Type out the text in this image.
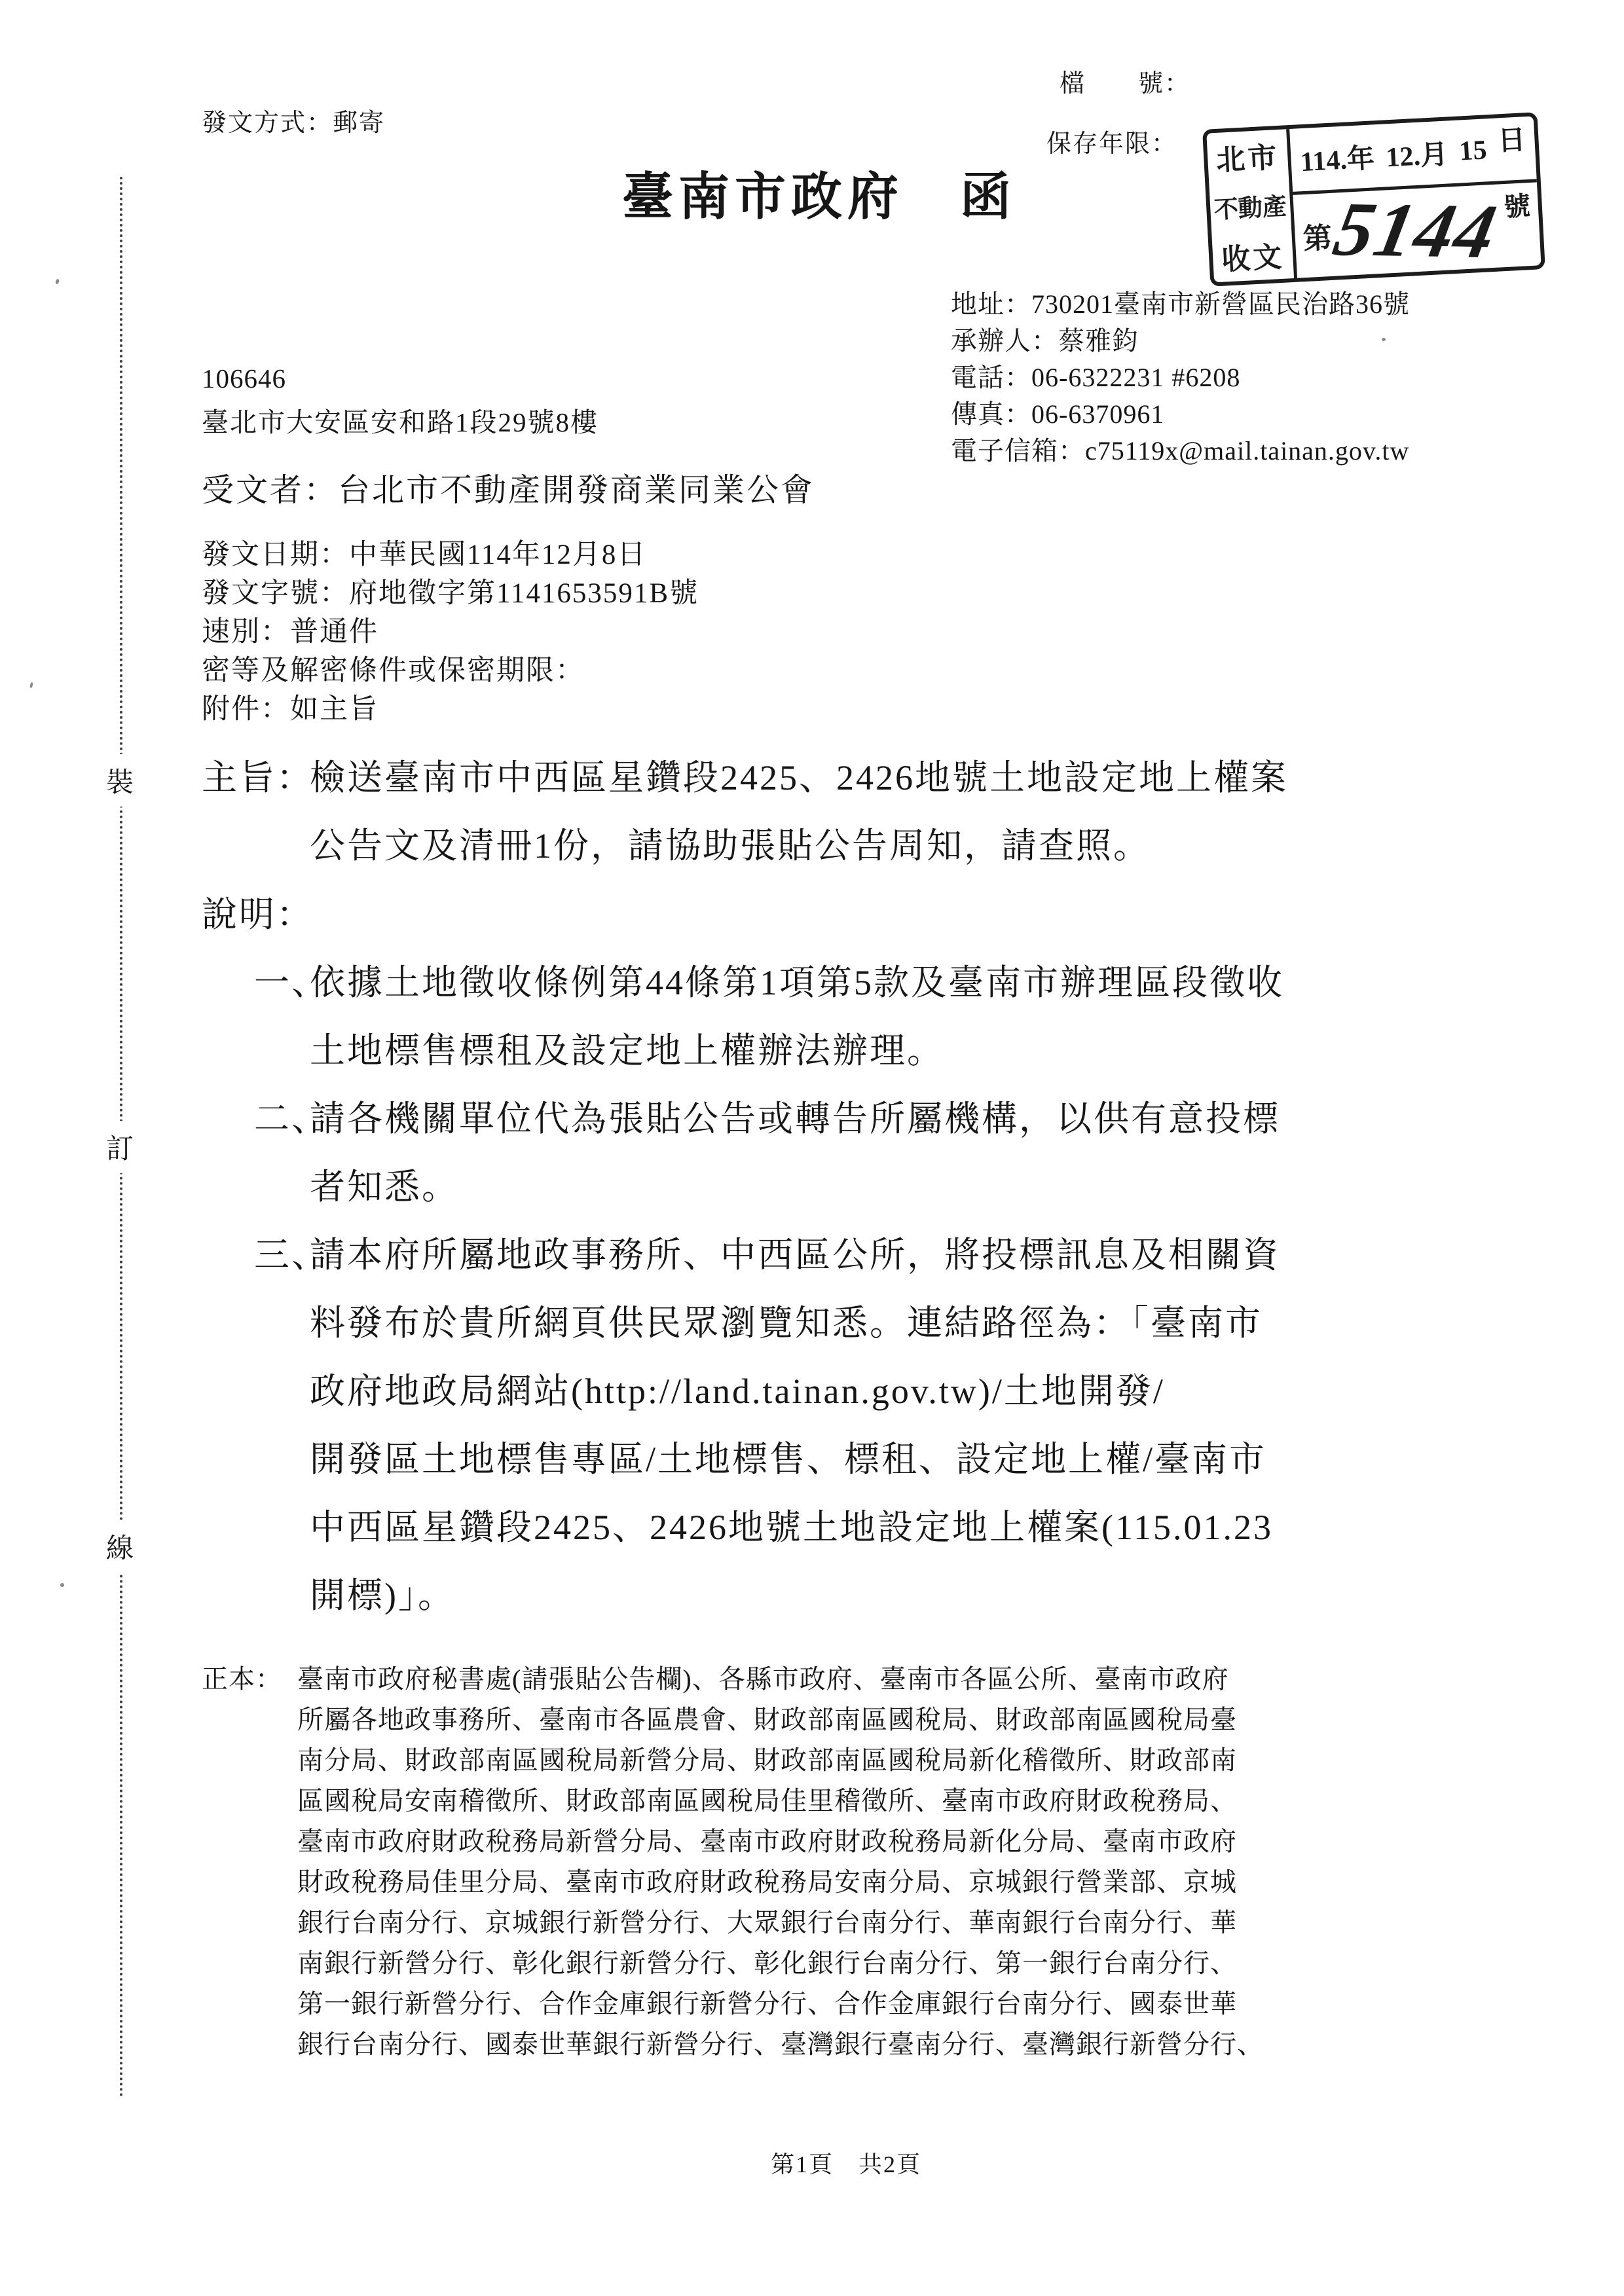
裝
訂
線
發文方式：郵寄
檔　　號：
保存年限：
臺南市政府　函
北市
不動產
收文
114.年 12.月 15 日
第
5144 號
地址：730201臺南市新營區民治路36號
承辦人：蔡雅鈞
電話：06-6322231 #6208
傳真：06-6370961
電子信箱：c75119x@mail.tainan.gov.tw
106646
臺北市大安區安和路1段29號8樓
受文者：台北市不動產開發商業同業公會
發文日期：中華民國114年12月8日
發文字號：府地徵字第1141653591B號
速別：普通件
密等及解密條件或保密期限：
附件：如主旨
主旨：
檢送臺南市中西區星鑽段2425、2426地號土地設定地上權案
公告文及清冊1份，請協助張貼公告周知，請查照。
說明：
一、
依據土地徵收條例第44條第1項第5款及臺南市辦理區段徵收
土地標售標租及設定地上權辦法辦理。
二、
請各機關單位代為張貼公告或轉告所屬機構，以供有意投標
者知悉。
三、
請本府所屬地政事務所、中西區公所，將投標訊息及相關資
料發布於貴所網頁供民眾瀏覽知悉。連結路徑為：「臺南市
政府地政局網站(http://land.tainan.gov.tw)/土地開發/
開發區土地標售專區/土地標售、標租、設定地上權/臺南市
中西區星鑽段2425、2426地號土地設定地上權案(115.01.23
開標)」。
正本： 臺南市政府秘書處(請張貼公告欄)、各縣市政府、臺南市各區公所、臺南市政府
所屬各地政事務所、臺南市各區農會、財政部南區國稅局、財政部南區國稅局臺
南分局、財政部南區國稅局新營分局、財政部南區國稅局新化稽徵所、財政部南
區國稅局安南稽徵所、財政部南區國稅局佳里稽徵所、臺南市政府財政稅務局、
臺南市政府財政稅務局新營分局、臺南市政府財政稅務局新化分局、臺南市政府
財政稅務局佳里分局、臺南市政府財政稅務局安南分局、京城銀行營業部、京城
銀行台南分行、京城銀行新營分行、大眾銀行台南分行、華南銀行台南分行、華
南銀行新營分行、彰化銀行新營分行、彰化銀行台南分行、第一銀行台南分行、
第一銀行新營分行、合作金庫銀行新營分行、合作金庫銀行台南分行、國泰世華
銀行台南分行、國泰世華銀行新營分行、臺灣銀行臺南分行、臺灣銀行新營分行、
第1頁　共2頁
